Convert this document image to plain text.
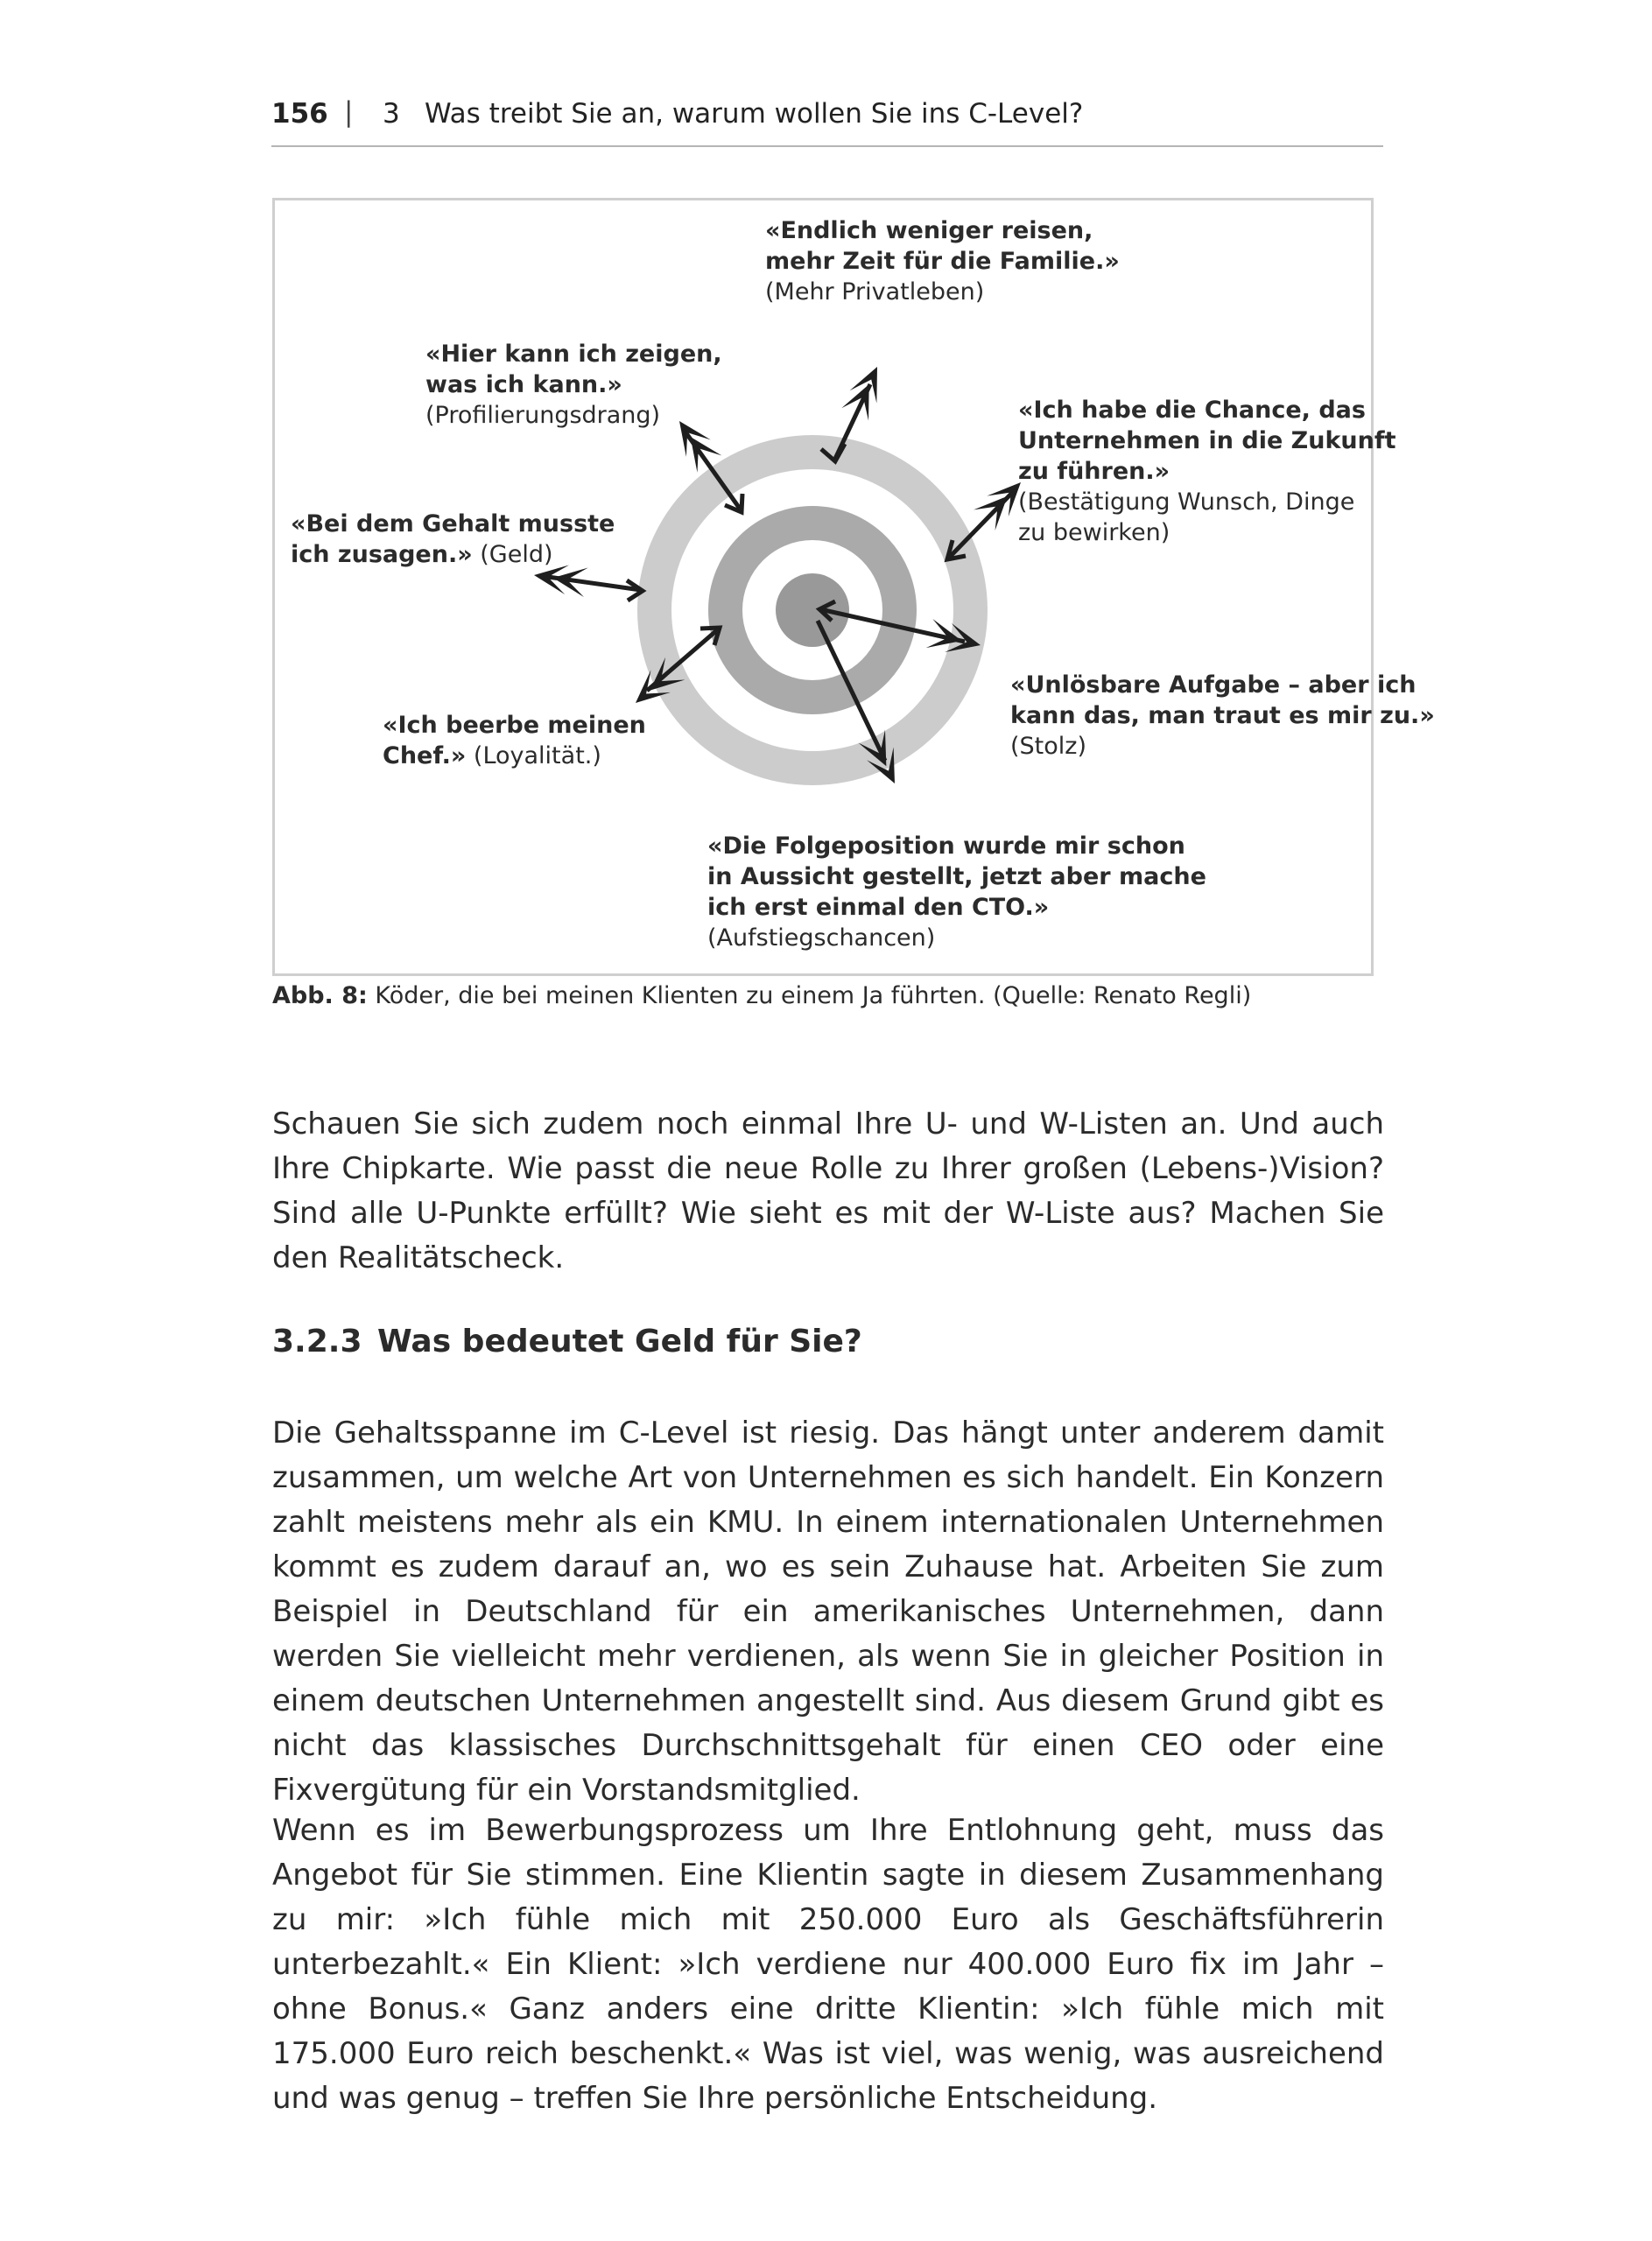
156 | 3 Was treibt Sie an, warum wollen Sie ins C-Level?
«Endlich weniger reisen,
mehr Zeit für die Familie.»
(Mehr Privatleben)
«Hier kann ich zeigen,
was ich kann.»
(Profilierungsdrang)	«Ich habe die Chance, das
Unternehmen in die Zukunft
zu führen.»
(Bestätigung Wunsch, Dinge
zu bewirken)
«Bei dem Gehalt musste
ich zusagen.» (Geld)
«Unlösbare Aufgabe – aber ich
kann das, man traut es mir zu.»
(Stolz)
«Ich beerbe meinen
Chef.» (Loyalität.)
«Die Folgeposition wurde mir schon
in Aussicht gestellt, jetzt aber mache
ich erst einmal den CTO.»
(Aufstiegschancen)
Abb. 8: Köder, die bei meinen Klienten zu einem Ja führten. (Quelle: Renato Regli)

Schauen Sie sich zudem noch einmal Ihre U- und W-Listen an. Und auch Ihre Chipkarte. Wie passt die neue Rolle zu Ihrer großen (Lebens-)Vision? Sind alle U-Punkte erfüllt? Wie sieht es mit der W-Liste aus? Machen Sie den Realitätscheck.

3.2.3 Was bedeutet Geld für Sie?

Die Gehaltsspanne im C-Level ist riesig. Das hängt unter anderem damit zusammen, um welche Art von Unternehmen es sich handelt. Ein Konzern zahlt meistens mehr als ein KMU. In einem internationalen Unternehmen kommt es zudem darauf an, wo es sein Zuhause hat. Arbeiten Sie zum Beispiel in Deutschland für ein amerikanisches Unternehmen, dann werden Sie vielleicht mehr verdienen, als wenn Sie in gleicher Position in einem deutschen Unternehmen angestellt sind. Aus diesem Grund gibt es nicht das klassisches Durchschnittsgehalt für einen CEO oder eine Fixvergütung für ein Vorstandsmitglied.

Wenn es im Bewerbungsprozess um Ihre Entlohnung geht, muss das Angebot für Sie stimmen. Eine Klientin sagte in diesem Zusammenhang zu mir: »Ich fühle mich mit 250.000 Euro als Geschäftsführerin unterbezahlt.« Ein Klient: »Ich verdiene nur 400.000 Euro fix im Jahr – ohne Bonus.« Ganz anders eine dritte Klientin: »Ich fühle mich mit 175.000 Euro reich beschenkt.« Was ist viel, was wenig, was ausreichend und was genug – treffen Sie Ihre persönliche Entscheidung.
